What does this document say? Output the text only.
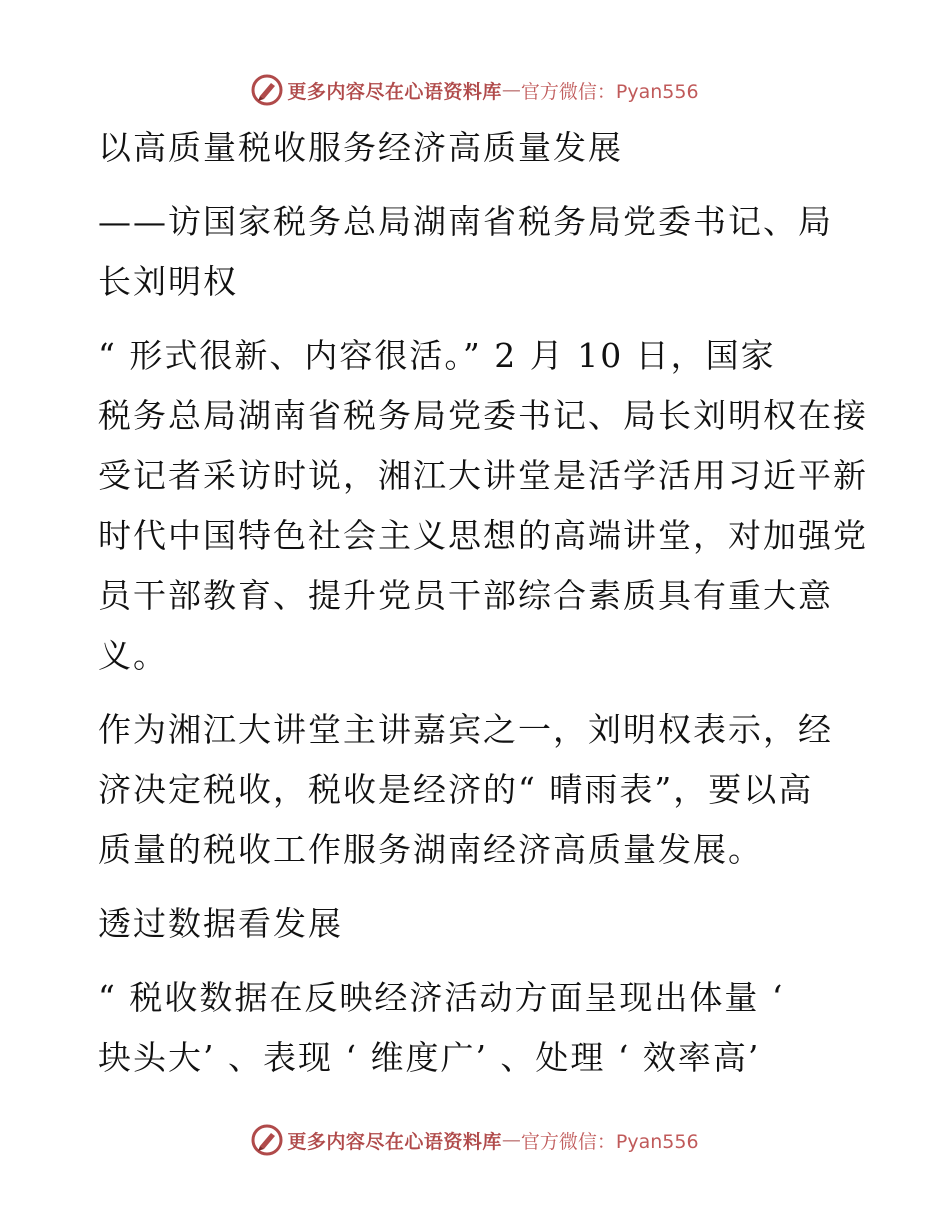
更多内容尽在心语资料库 — 官方微信：Pyan556
以高质量税收服务经济高质量发展
——访国家税务总局湖南省税务局党委书记、局
长刘明权
“ 形式很新、内容很活。” 2 月 10 日，国家
税务总局湖南省税务局党委书记、局长刘明权在接
受记者采访时说，湘江大讲堂是活学活用习近平新
时代中国特色社会主义思想的高端讲堂，对加强党
员干部教育、提升党员干部综合素质具有重大意
义。
作为湘江大讲堂主讲嘉宾之一，刘明权表示，经
济决定税收，税收是经济的“ 晴雨表”，要以高
质量的税收工作服务湖南经济高质量发展。
透过数据看发展
“ 税收数据在反映经济活动方面呈现出体量 ‘
块头大’ 、表现 ‘ 维度广’ 、处理 ‘ 效率高’
更多内容尽在心语资料库 — 官方微信：Pyan556
